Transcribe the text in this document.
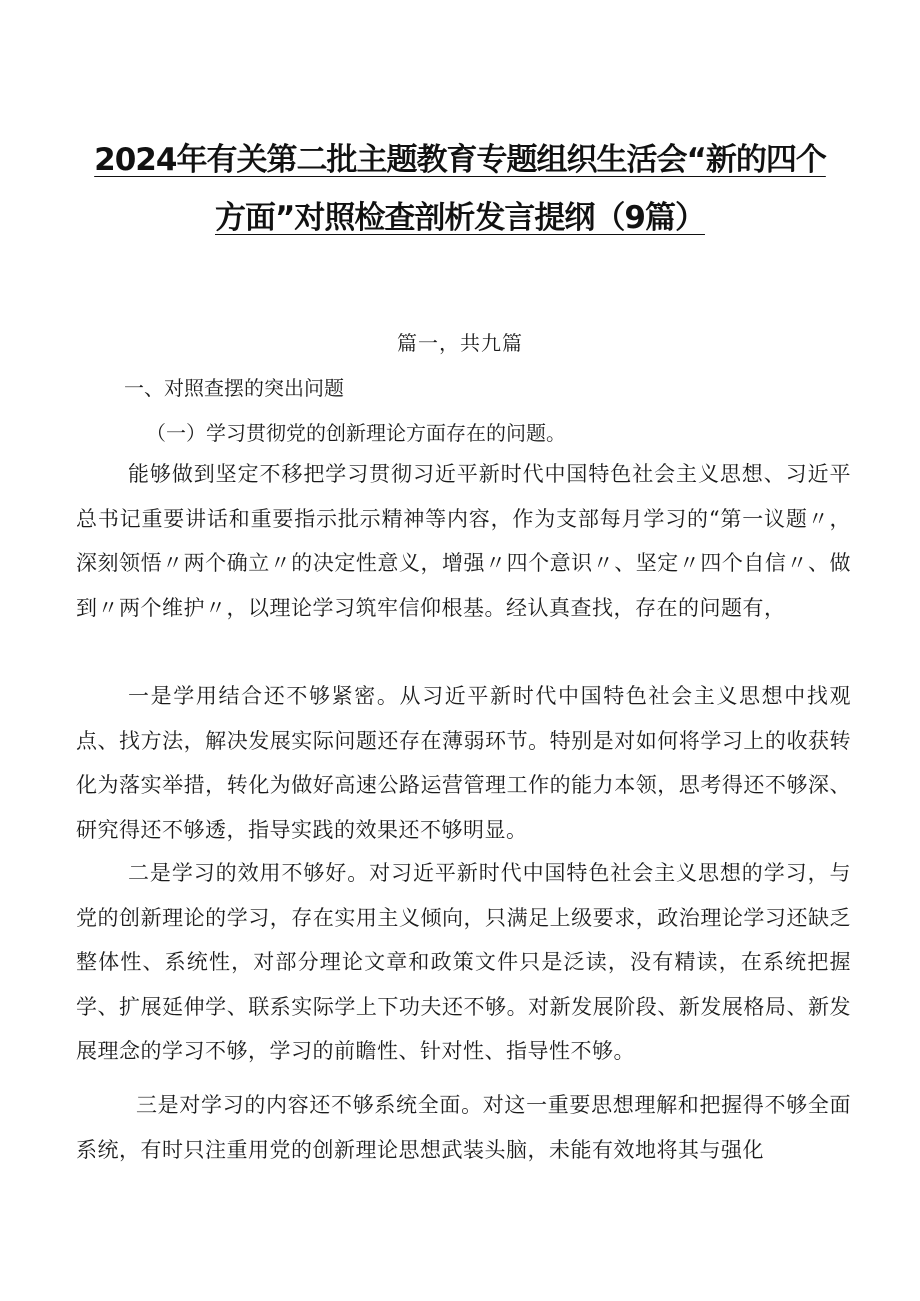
2024年有关第二批主题教育专题组织生活会“新的四个
方面”对照检查剖析发言提纲（9篇）
篇一，共九篇
一、对照查摆的突出问题
（一）学习贯彻党的创新理论方面存在的问题。

能够做到坚定不移把学习贯彻习近平新时代中国特色社会主义思想、习近平总书记重要讲话和重要指示批示精神等内容，作为支部每月学习的“第一议题〃，深刻领悟〃两个确立〃的决定性意义，增强〃四个意识〃、坚定〃四个自信〃、做到〃两个维护〃，以理论学习筑牢信仰根基。经认真查找，存在的问题有，

一是学用结合还不够紧密。从习近平新时代中国特色社会主义思想中找观点、找方法，解决发展实际问题还存在薄弱环节。特别是对如何将学习上的收获转化为落实举措，转化为做好高速公路运营管理工作的能力本领，思考得还不够深、研究得还不够透，指导实践的效果还不够明显。

二是学习的效用不够好。对习近平新时代中国特色社会主义思想的学习，与党的创新理论的学习，存在实用主义倾向，只满足上级要求，政治理论学习还缺乏整体性、系统性，对部分理论文章和政策文件只是泛读，没有精读，在系统把握学、扩展延伸学、联系实际学上下功夫还不够。对新发展阶段、新发展格局、新发展理念的学习不够，学习的前瞻性、针对性、指导性不够。

三是对学习的内容还不够系统全面。对这一重要思想理解和把握得不够全面系统，有时只注重用党的创新理论思想武装头脑，未能有效地将其与强化
